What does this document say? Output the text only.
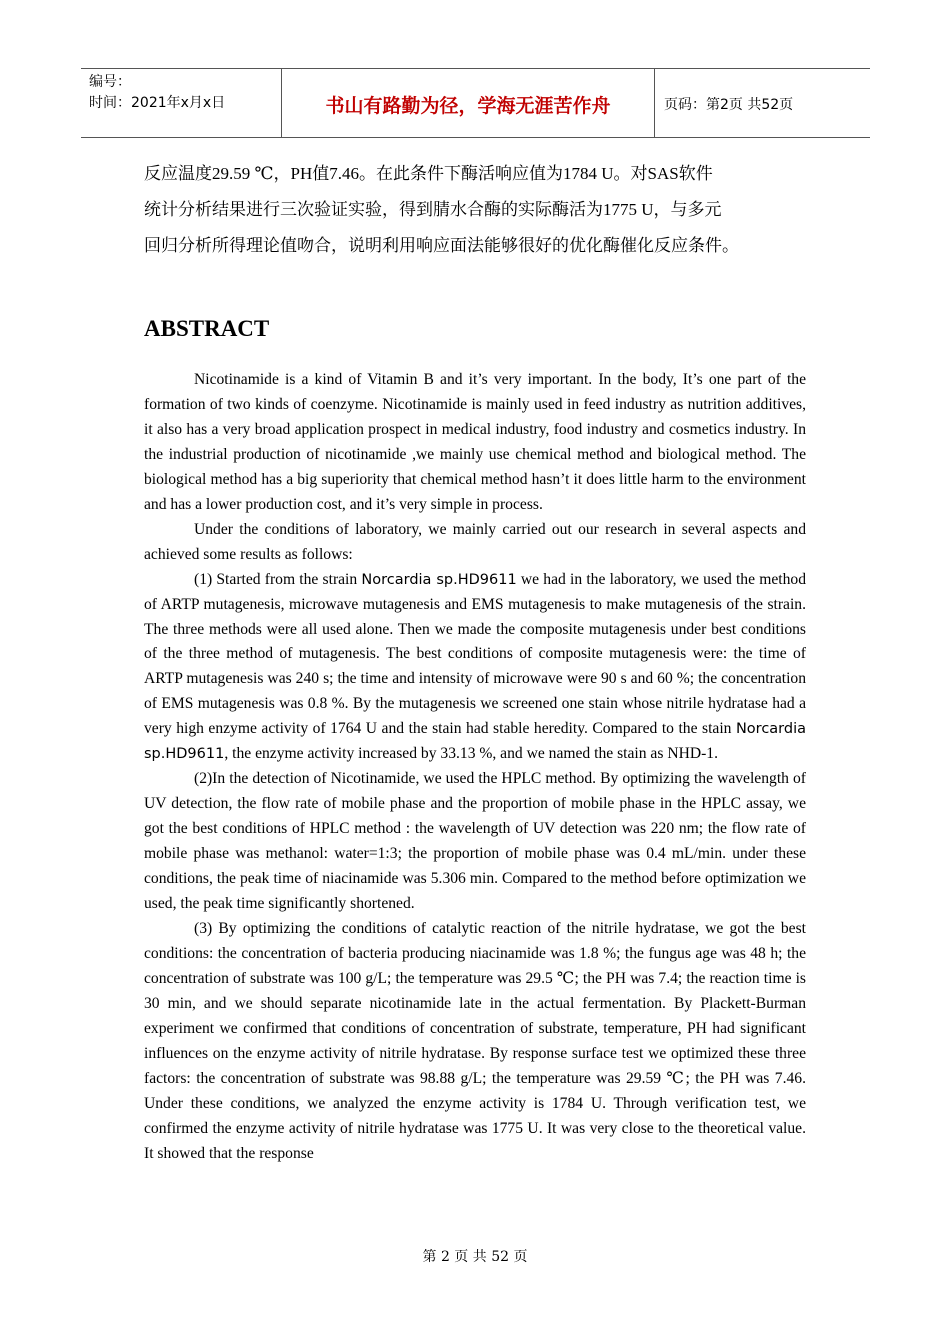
编号：
时间：2021年x月x日	书山有路勤为径，学海无涯苦作舟	页码：第2页 共52页

反应温度29.59 ℃，PH值7.46。在此条件下酶活响应值为1784 U。对SAS软件

统计分析结果进行三次验证实验，得到腈水合酶的实际酶活为1775 U，与多元

回归分析所得理论值吻合，说明利用响应面法能够很好的优化酶催化反应条件。

ABSTRACT

Nicotinamide is a kind of Vitamin B and it’s very important. In the body, It’s one part of the formation of two kinds of coenzyme. Nicotinamide is mainly used in feed industry as nutrition additives, it also has a very broad application prospect in medical industry, food industry and cosmetics industry. In the industrial production of nicotinamide ,we mainly use chemical method and biological method. The biological method has a big superiority that chemical method hasn’t it does little harm to the environment and has a lower production cost, and it’s very simple in process.

Under the conditions of laboratory, we mainly carried out our research in several aspects and achieved some results as follows:

(1) Started from the strain Norcardia sp.HD9611 we had in the laboratory, we used the method of ARTP mutagenesis, microwave mutagenesis and EMS mutagenesis to make mutagenesis of the strain. The three methods were all used alone. Then we made the composite mutagenesis under best conditions of the three method of mutagenesis. The best conditions of composite mutagenesis were: the time of ARTP mutagenesis was 240 s; the time and intensity of microwave were 90 s and 60 %; the concentration of EMS mutagenesis was 0.8 %. By the mutagenesis we screened one stain whose nitrile hydratase had a very high enzyme activity of 1764 U and the stain had stable heredity. Compared to the stain Norcardia sp.HD9611, the enzyme activity increased by 33.13 %, and we named the stain as NHD-1.

(2)In the detection of Nicotinamide, we used the HPLC method. By optimizing the wavelength of UV detection, the flow rate of mobile phase and the proportion of mobile phase in the HPLC assay, we got the best conditions of HPLC method : the wavelength of UV detection was 220 nm; the flow rate of mobile phase was methanol: water=1:3; the proportion of mobile phase was 0.4 mL/min. under these conditions, the peak time of niacinamide was 5.306 min. Compared to the method before optimization we used, the peak time significantly shortened.

(3) By optimizing the conditions of catalytic reaction of the nitrile hydratase, we got the best conditions: the concentration of bacteria producing niacinamide was 1.8 %; the fungus age was 48 h; the concentration of substrate was 100 g/L; the temperature was 29.5 ℃; the PH was 7.4; the reaction time is 30 min, and we should separate nicotinamide late in the actual fermentation. By Plackett-Burman experiment we confirmed that conditions of concentration of substrate, temperature, PH had significant influences on the enzyme activity of nitrile hydratase. By response surface test we optimized these three factors: the concentration of substrate was 98.88 g/L; the temperature was 29.59 ℃; the PH was 7.46. Under these conditions, we analyzed the enzyme activity is 1784 U. Through verification test, we confirmed the enzyme activity of nitrile hydratase was 1775 U. It was very close to the theoretical value. It showed that the response

第 2 页 共 52 页
